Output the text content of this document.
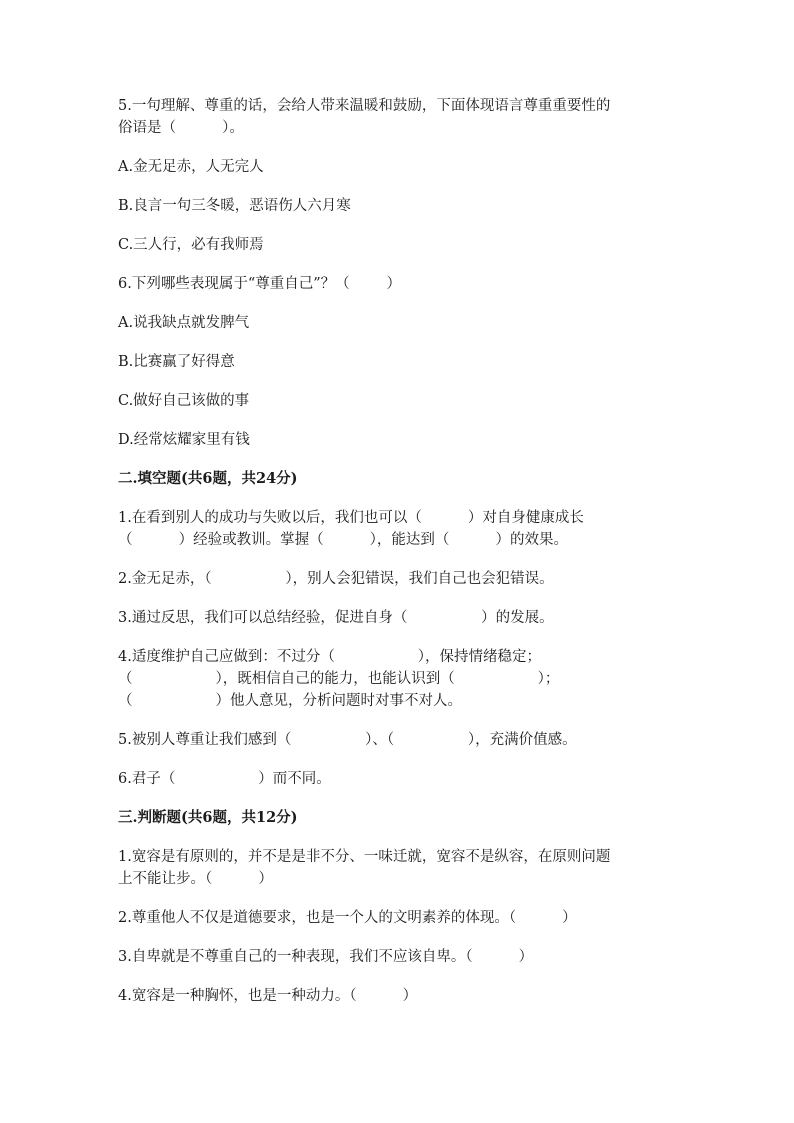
5.一句理解、尊重的话，会给人带来温暖和鼓励，下面体现语言尊重重要性的
俗语是（          ）。
A.金无足赤，人无完人
B.良言一句三冬暖，恶语伤人六月寒
C.三人行，必有我师焉
6.下列哪些表现属于“尊重自己”？（        ）
A.说我缺点就发脾气
B.比赛赢了好得意
C.做好自己该做的事
D.经常炫耀家里有钱
二.填空题(共6题，共24分)
1.在看到别人的成功与失败以后，我们也可以（          ）对自身健康成长
（          ）经验或教训。掌握（          ），能达到（          ）的效果。
2.金无足赤，（                ），别人会犯错误，我们自己也会犯错误。
3.通过反思，我们可以总结经验，促进自身（                ）的发展。
4.适度维护自己应做到：不过分（                  ），保持情绪稳定；
（                  ），既相信自己的能力，也能认识到（                  ）；
（                  ）他人意见，分析问题时对事不对人。
5.被别人尊重让我们感到（                ）、（                ），充满价值感。
6.君子（                  ）而不同。
三.判断题(共6题，共12分)
1.宽容是有原则的，并不是是非不分、一味迁就，宽容不是纵容，在原则问题
上不能让步。（          ）
2.尊重他人不仅是道德要求，也是一个人的文明素养的体现。（          ）
3.自卑就是不尊重自己的一种表现，我们不应该自卑。（          ）
4.宽容是一种胸怀，也是一种动力。（          ）
